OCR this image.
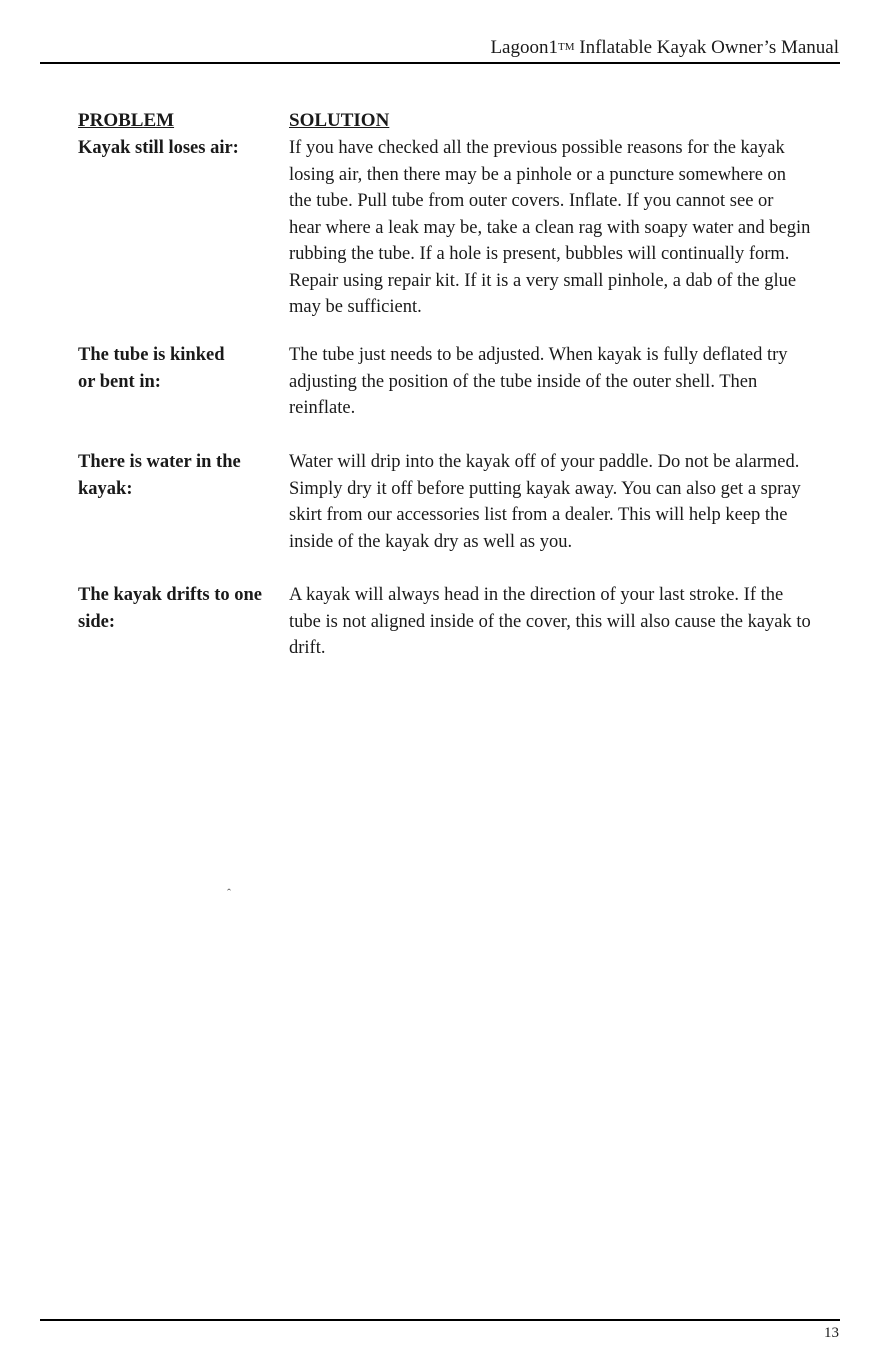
Lagoon1™ Inflatable Kayak Owner’s Manual
PROBLEM	SOLUTION
Kayak still loses air:	If you have checked all the previous possible reasons for the kayak
losing air, then there may be a pinhole or a puncture somewhere on
the tube. Pull tube from outer covers. Inflate. If you cannot see or
hear where a leak may be, take a clean rag with soapy water and begin
rubbing the tube. If a hole is present, bubbles will continually form.
Repair using repair kit. If it is a very small pinhole, a dab of the glue
may be sufficient.
The tube is kinked
or bent in:
The tube just needs to be adjusted. When kayak is fully deflated try
adjusting the position of the tube inside of the outer shell. Then
reinflate.
There is water in the
kayak:
Water will drip into the kayak off of your paddle. Do not be alarmed.
Simply dry it off before putting kayak away. You can also get a spray
skirt from our accessories list from a dealer. This will help keep the
inside of the kayak dry as well as you.
The kayak drifts to one
side:
A kayak will always head in the direction of your last stroke. If the
tube is not aligned inside of the cover, this will also cause the kayak to
drift.
ˆ
13
